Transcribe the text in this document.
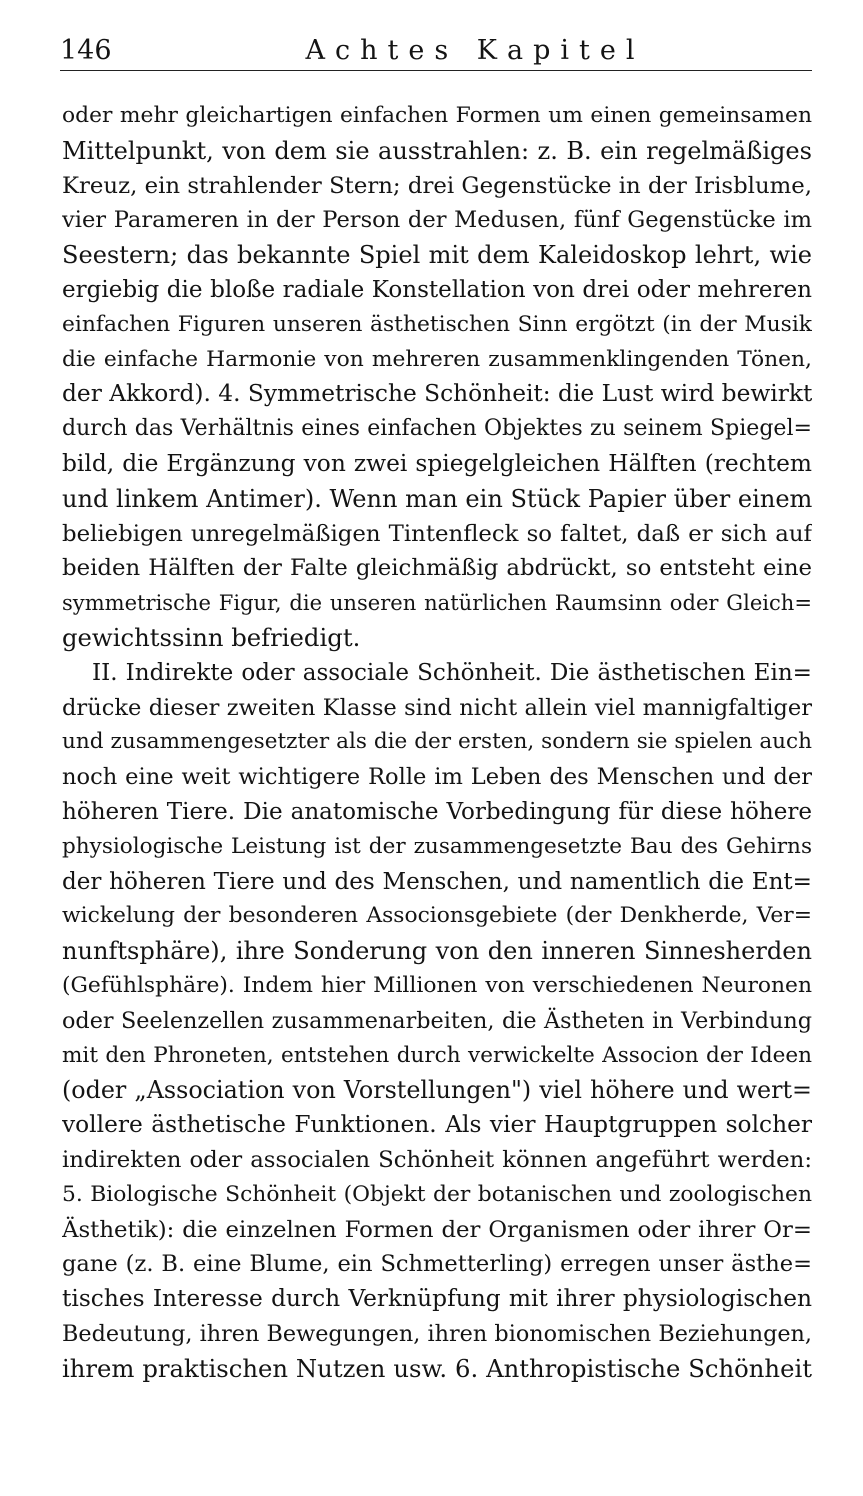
146	Achtes Kapitel
oder mehr gleichartigen einfachen Formen um einen gemeinsamen
Mittelpunkt, von dem sie ausstrahlen: z. B. ein regelmäßiges
Kreuz, ein strahlender Stern; drei Gegenstücke in der Irisblume,
vier Parameren in der Person der Medusen, fünf Gegenstücke im
Seestern; das bekannte Spiel mit dem Kaleidoskop lehrt, wie
ergiebig die bloße radiale Konstellation von drei oder mehreren
einfachen Figuren unseren ästhetischen Sinn ergötzt (in der Musik
die einfache Harmonie von mehreren zusammenklingenden Tönen,
der Akkord). 4. Symmetrische Schönheit: die Lust wird bewirkt
durch das Verhältnis eines einfachen Objektes zu seinem Spiegel=
bild, die Ergänzung von zwei spiegelgleichen Hälften (rechtem
und linkem Antimer). Wenn man ein Stück Papier über einem
beliebigen unregelmäßigen Tintenfleck so faltet, daß er sich auf
beiden Hälften der Falte gleichmäßig abdrückt, so entsteht eine
symmetrische Figur, die unseren natürlichen Raumsinn oder Gleich=
gewichtssinn befriedigt.
II. Indirekte oder associale Schönheit. Die ästhetischen Ein=
drücke dieser zweiten Klasse sind nicht allein viel mannigfaltiger
und zusammengesetzter als die der ersten, sondern sie spielen auch
noch eine weit wichtigere Rolle im Leben des Menschen und der
höheren Tiere. Die anatomische Vorbedingung für diese höhere
physiologische Leistung ist der zusammengesetzte Bau des Gehirns
der höheren Tiere und des Menschen, und namentlich die Ent=
wickelung der besonderen Associonsgebiete (der Denkherde, Ver=
nunftsphäre), ihre Sonderung von den inneren Sinnesherden
(Gefühlsphäre). Indem hier Millionen von verschiedenen Neuronen
oder Seelenzellen zusammenarbeiten, die Ästheten in Verbindung
mit den Phroneten, entstehen durch verwickelte Associon der Ideen
(oder „Association von Vorstellungen") viel höhere und wert=
vollere ästhetische Funktionen. Als vier Hauptgruppen solcher
indirekten oder associalen Schönheit können angeführt werden:
5. Biologische Schönheit (Objekt der botanischen und zoologischen
Ästhetik): die einzelnen Formen der Organismen oder ihrer Or=
gane (z. B. eine Blume, ein Schmetterling) erregen unser ästhe=
tisches Interesse durch Verknüpfung mit ihrer physiologischen
Bedeutung, ihren Bewegungen, ihren bionomischen Beziehungen,
ihrem praktischen Nutzen usw. 6. Anthropistische Schönheit
